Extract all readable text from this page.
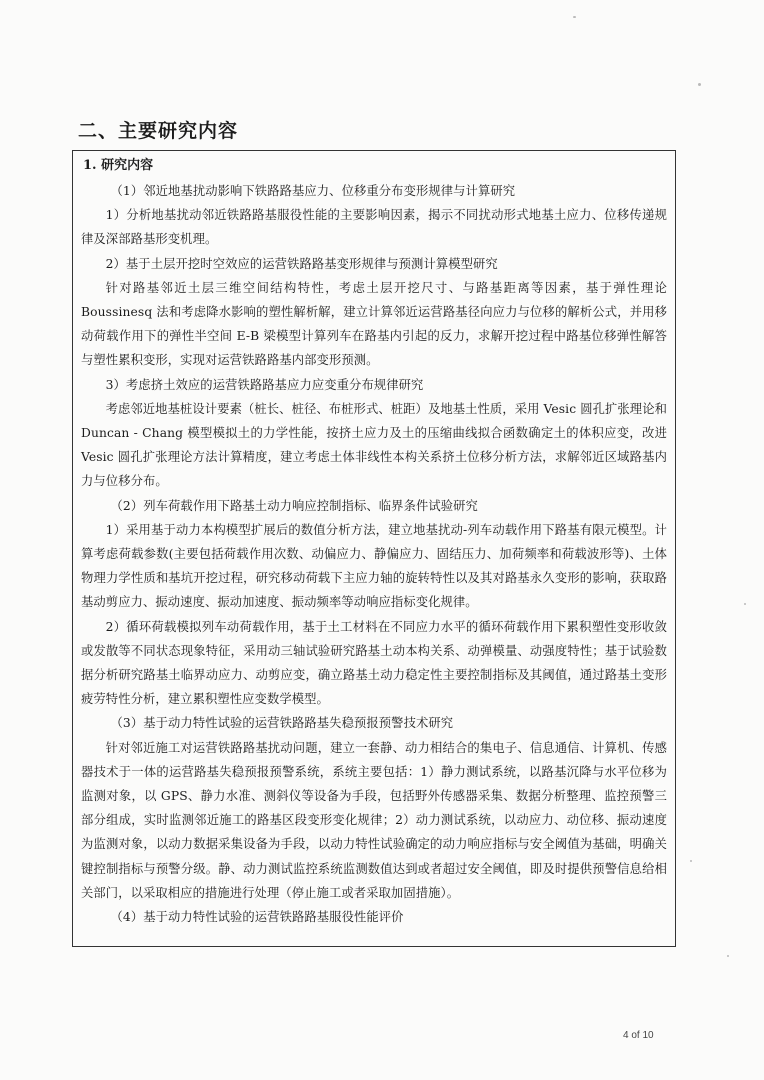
二、主要研究内容
1. 研究内容

（1）邻近地基扰动影响下铁路路基应力、位移重分布变形规律与计算研究

1）分析地基扰动邻近铁路路基服役性能的主要影响因素，揭示不同扰动形式地基土应力、位移传递规律及深部路基形变机理。

2）基于土层开挖时空效应的运营铁路路基变形规律与预测计算模型研究

针对路基邻近土层三维空间结构特性，考虑土层开挖尺寸、与路基距离等因素，基于弹性理论 Boussinesq 法和考虑降水影响的塑性解析解，建立计算邻近运营路基径向应力与位移的解析公式，并用移动荷载作用下的弹性半空间 E-B 梁模型计算列车在路基内引起的反力，求解开挖过程中路基位移弹性解答与塑性累积变形，实现对运营铁路路基内部变形预测。

3）考虑挤土效应的运营铁路路基应力应变重分布规律研究

考虑邻近地基桩设计要素（桩长、桩径、布桩形式、桩距）及地基土性质，采用 Vesic 圆孔扩张理论和 Duncan - Chang 模型模拟土的力学性能，按挤土应力及土的压缩曲线拟合函数确定土的体积应变，改进 Vesic 圆孔扩张理论方法计算精度，建立考虑土体非线性本构关系挤土位移分析方法，求解邻近区域路基内力与位移分布。

（2）列车荷载作用下路基土动力响应控制指标、临界条件试验研究

1）采用基于动力本构模型扩展后的数值分析方法，建立地基扰动-列车动载作用下路基有限元模型。计算考虑荷载参数(主要包括荷载作用次数、动偏应力、静偏应力、固结压力、加荷频率和荷载波形等)、土体物理力学性质和基坑开挖过程，研究移动荷载下主应力轴的旋转特性以及其对路基永久变形的影响，获取路基动剪应力、振动速度、振动加速度、振动频率等动响应指标变化规律。

2）循环荷载模拟列车动荷载作用，基于土工材料在不同应力水平的循环荷载作用下累积塑性变形收敛或发散等不同状态现象特征，采用动三轴试验研究路基土动本构关系、动弹模量、动强度特性；基于试验数据分析研究路基土临界动应力、动剪应变，确立路基土动力稳定性主要控制指标及其阈值，通过路基土变形疲劳特性分析，建立累积塑性应变数学模型。

（3）基于动力特性试验的运营铁路路基失稳预报预警技术研究

针对邻近施工对运营铁路路基扰动问题，建立一套静、动力相结合的集电子、信息通信、计算机、传感器技术于一体的运营路基失稳预报预警系统，系统主要包括：1）静力测试系统，以路基沉降与水平位移为监测对象，以 GPS、静力水准、测斜仪等设备为手段，包括野外传感器采集、数据分析整理、监控预警三部分组成，实时监测邻近施工的路基区段变形变化规律；2）动力测试系统，以动应力、动位移、振动速度为监测对象，以动力数据采集设备为手段，以动力特性试验确定的动力响应指标与安全阈值为基础，明确关键控制指标与预警分级。静、动力测试监控系统监测数值达到或者超过安全阈值，即及时提供预警信息给相关部门，以采取相应的措施进行处理（停止施工或者采取加固措施）。

（4）基于动力特性试验的运营铁路路基服役性能评价

4 of 10
